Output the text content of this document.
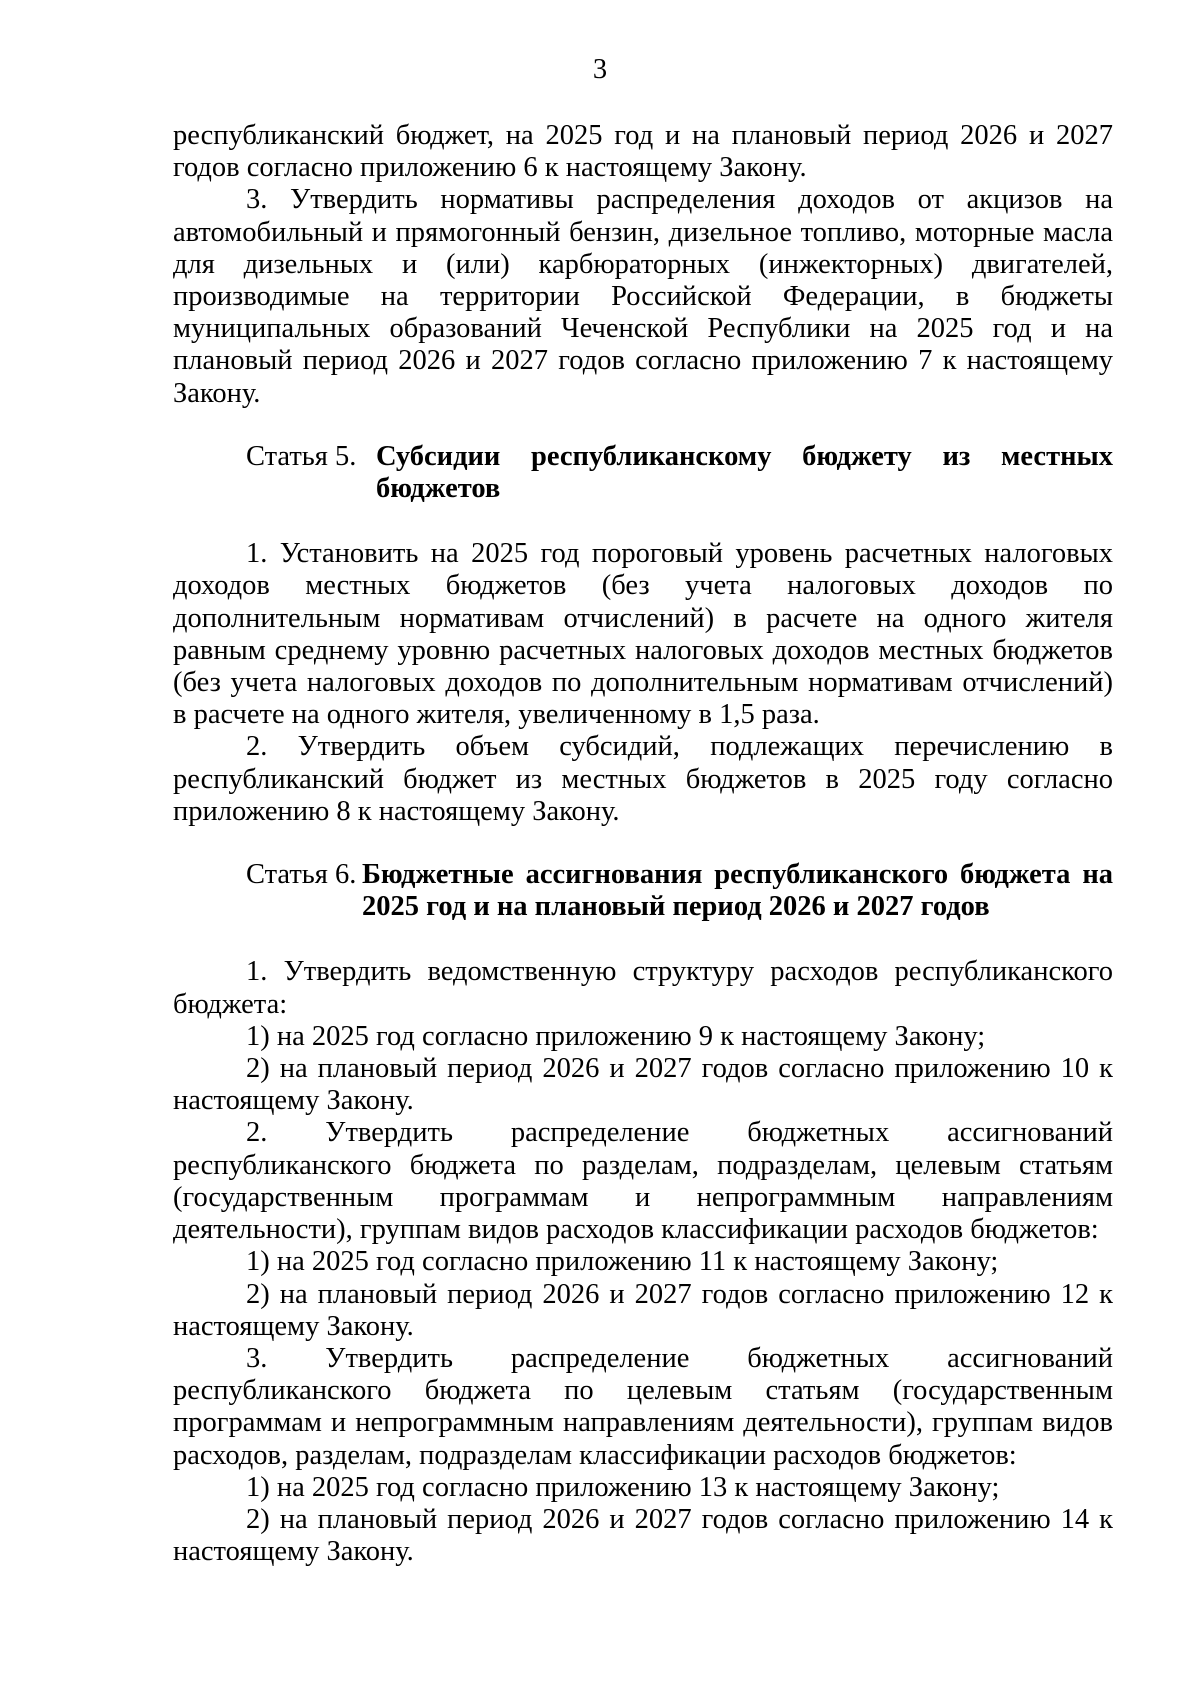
3

республиканский бюджет, на 2025 год и на плановый период 2026 и 2027 годов согласно приложению 6 к настоящему Закону.

3. Утвердить нормативы распределения доходов от акцизов на автомобильный и прямогонный бензин, дизельное топливо, моторные масла для дизельных и (или) карбюраторных (инжекторных) двигателей, производимые на территории Российской Федерации, в бюджеты муниципальных образований Чеченской Республики на 2025 год и на плановый период 2026 и 2027 годов согласно приложению 7 к настоящему Закону.

Статья 5. Субсидии республиканскому бюджету из местных бюджетов

1. Установить на 2025 год пороговый уровень расчетных налоговых доходов местных бюджетов (без учета налоговых доходов по дополнительным нормативам отчислений) в расчете на одного жителя равным среднему уровню расчетных налоговых доходов местных бюджетов (без учета налоговых доходов по дополнительным нормативам отчислений) в расчете на одного жителя, увеличенному в 1,5 раза.

2. Утвердить объем субсидий, подлежащих перечислению в республиканский бюджет из местных бюджетов в 2025 году согласно приложению 8 к настоящему Закону.

Статья 6. Бюджетные ассигнования республиканского бюджета на 2025 год и на плановый период 2026 и 2027 годов

1. Утвердить ведомственную структуру расходов республиканского бюджета:

1) на 2025 год согласно приложению 9 к настоящему Закону;

2) на плановый период 2026 и 2027 годов согласно приложению 10 к настоящему Закону.

2. Утвердить распределение бюджетных ассигнований республиканского бюджета по разделам, подразделам, целевым статьям (государственным программам и непрограммным направлениям деятельности), группам видов расходов классификации расходов бюджетов:

1) на 2025 год согласно приложению 11 к настоящему Закону;

2) на плановый период 2026 и 2027 годов согласно приложению 12 к настоящему Закону.

3. Утвердить распределение бюджетных ассигнований республиканского бюджета по целевым статьям (государственным программам и непрограммным направлениям деятельности), группам видов расходов, разделам, подразделам классификации расходов бюджетов:

1) на 2025 год согласно приложению 13 к настоящему Закону;

2) на плановый период 2026 и 2027 годов согласно приложению 14 к настоящему Закону.
